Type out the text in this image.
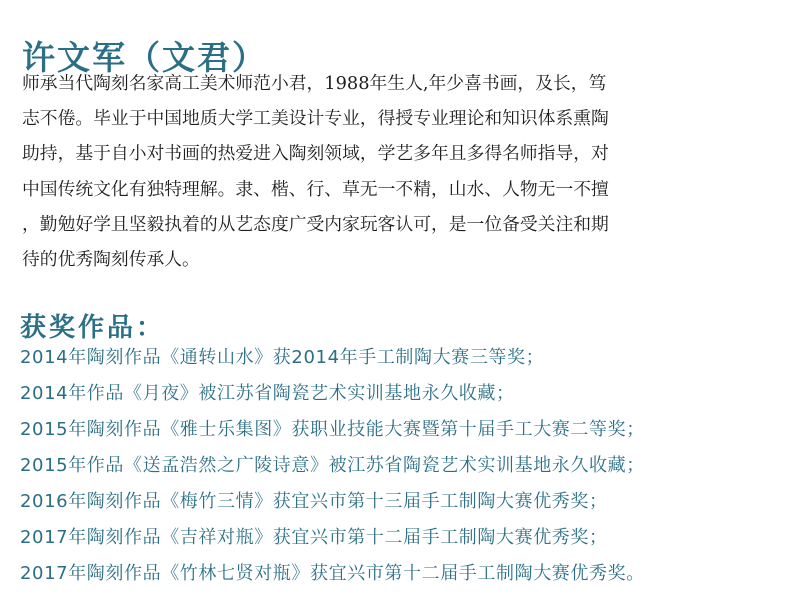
许文军（文君）
师承当代陶刻名家高工美术师范小君，1988年生人,年少喜书画，及长，笃
志不倦。毕业于中国地质大学工美设计专业，得授专业理论和知识体系熏陶
助持，基于自小对书画的热爱进入陶刻领域，学艺多年且多得名师指导，对
中国传统文化有独特理解。隶、楷、行、草无一不精，山水、人物无一不擅
，勤勉好学且坚毅执着的从艺态度广受内家玩客认可，是一位备受关注和期
待的优秀陶刻传承人。
获奖作品：
2014年陶刻作品《通转山水》获2014年手工制陶大赛三等奖；
2014年作品《月夜》被江苏省陶瓷艺术实训基地永久收藏；
2015年陶刻作品《雅士乐集图》获职业技能大赛暨第十届手工大赛二等奖；
2015年作品《送孟浩然之广陵诗意》被江苏省陶瓷艺术实训基地永久收藏；
2016年陶刻作品《梅竹三情》获宜兴市第十三届手工制陶大赛优秀奖；
2017年陶刻作品《吉祥对瓶》获宜兴市第十二届手工制陶大赛优秀奖；
2017年陶刻作品《竹林七贤对瓶》获宜兴市第十二届手工制陶大赛优秀奖。
